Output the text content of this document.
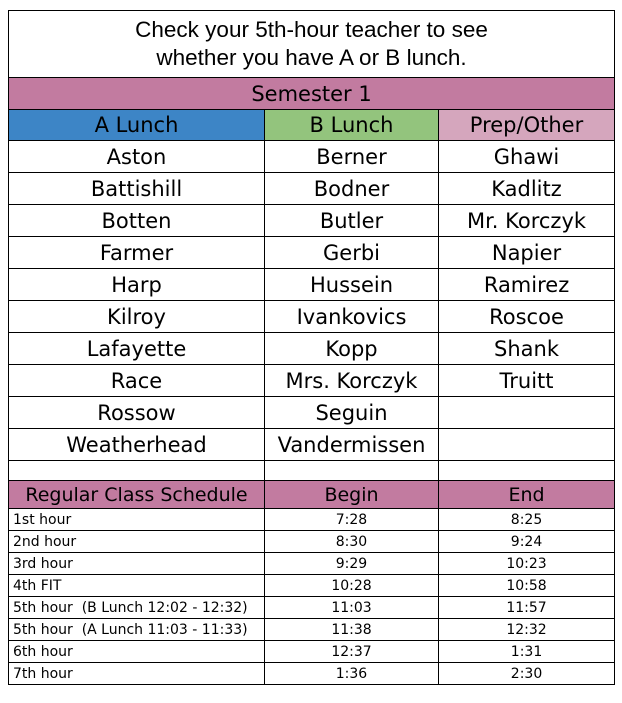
Check your 5th-hour teacher to see
whether you have A or B lunch.		

Semester 1		
A Lunch	B Lunch	Prep/Other
Aston	Berner	Ghawi
Battishill	Bodner	Kadlitz
Botten	Butler	Mr. Korczyk
Farmer	Gerbi	Napier
Harp	Hussein	Ramirez
Kilroy	Ivankovics	Roscoe
Lafayette	Kopp	Shank
Race	Mrs. Korczyk	Truitt
Rossow	Seguin	
Weatherhead	Vandermissen	

Regular Class Schedule	Begin	End
1st hour	7:28	8:25
2nd hour	8:30	9:24
3rd hour	9:29	10:23
4th FIT	10:28	10:58
5th hour  (B Lunch 12:02 - 12:32)	11:03	11:57
5th hour  (A Lunch 11:03 - 11:33)	11:38	12:32
6th hour	12:37	1:31
7th hour	1:36	2:30
